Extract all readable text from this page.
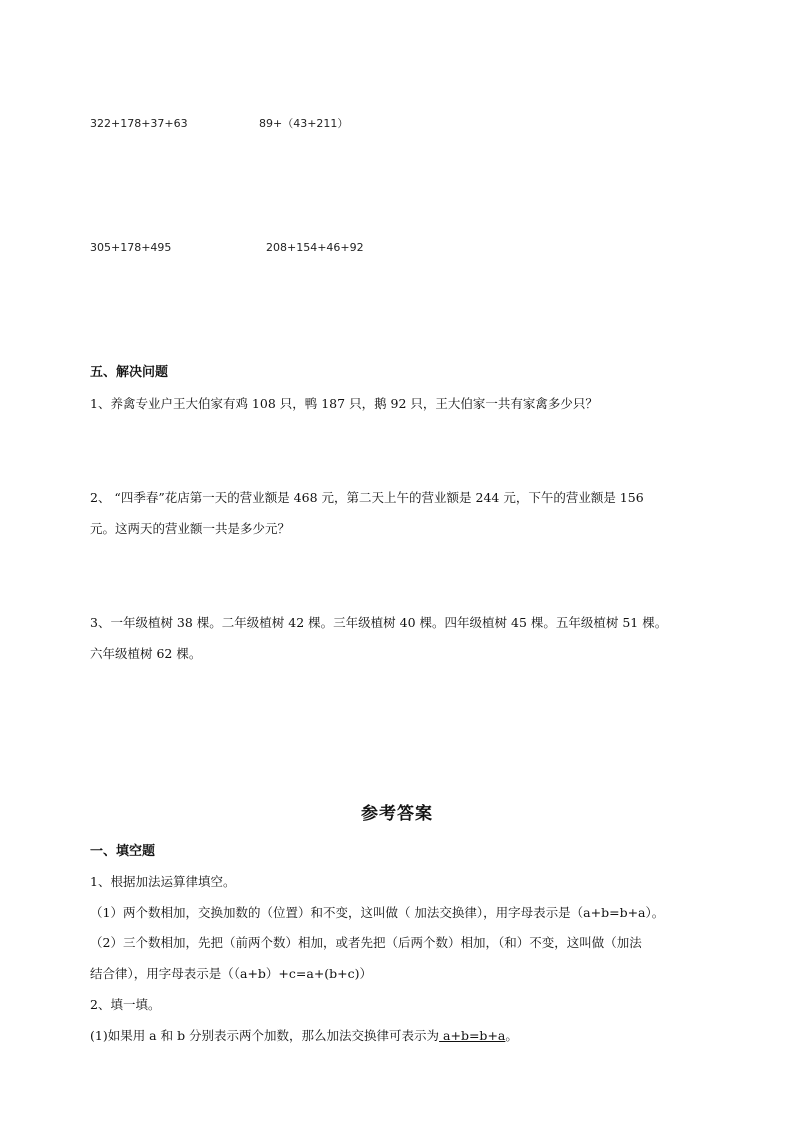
322+178+37+63	89+（43+211）
305+178+495	208+154+46+92
五、解决问题
1、养禽专业户王大伯家有鸡 108 只，鸭 187 只，鹅 92 只，王大伯家一共有家禽多少只？
2、 “四季春”花店第一天的营业额是 468 元，第二天上午的营业额是 244 元，下午的营业额是 156
元。这两天的营业额一共是多少元？
3、一年级植树 38 棵。二年级植树 42 棵。三年级植树 40 棵。四年级植树 45 棵。五年级植树 51 棵。
六年级植树 62 棵。
参考答案
一、填空题
1、根据加法运算律填空。
（1）两个数相加，交换加数的（位置）和不变，这叫做（ 加法交换律），用字母表示是（a+b=b+a）。
（2）三个数相加，先把（前两个数）相加，或者先把（后两个数）相加，（和）不变，这叫做（加法
结合律），用字母表示是（（a+b）+c=a+(b+c)）
2、填一填。
(1)如果用 a 和 b 分别表示两个加数，那么加法交换律可表示为 a+b=b+a。
